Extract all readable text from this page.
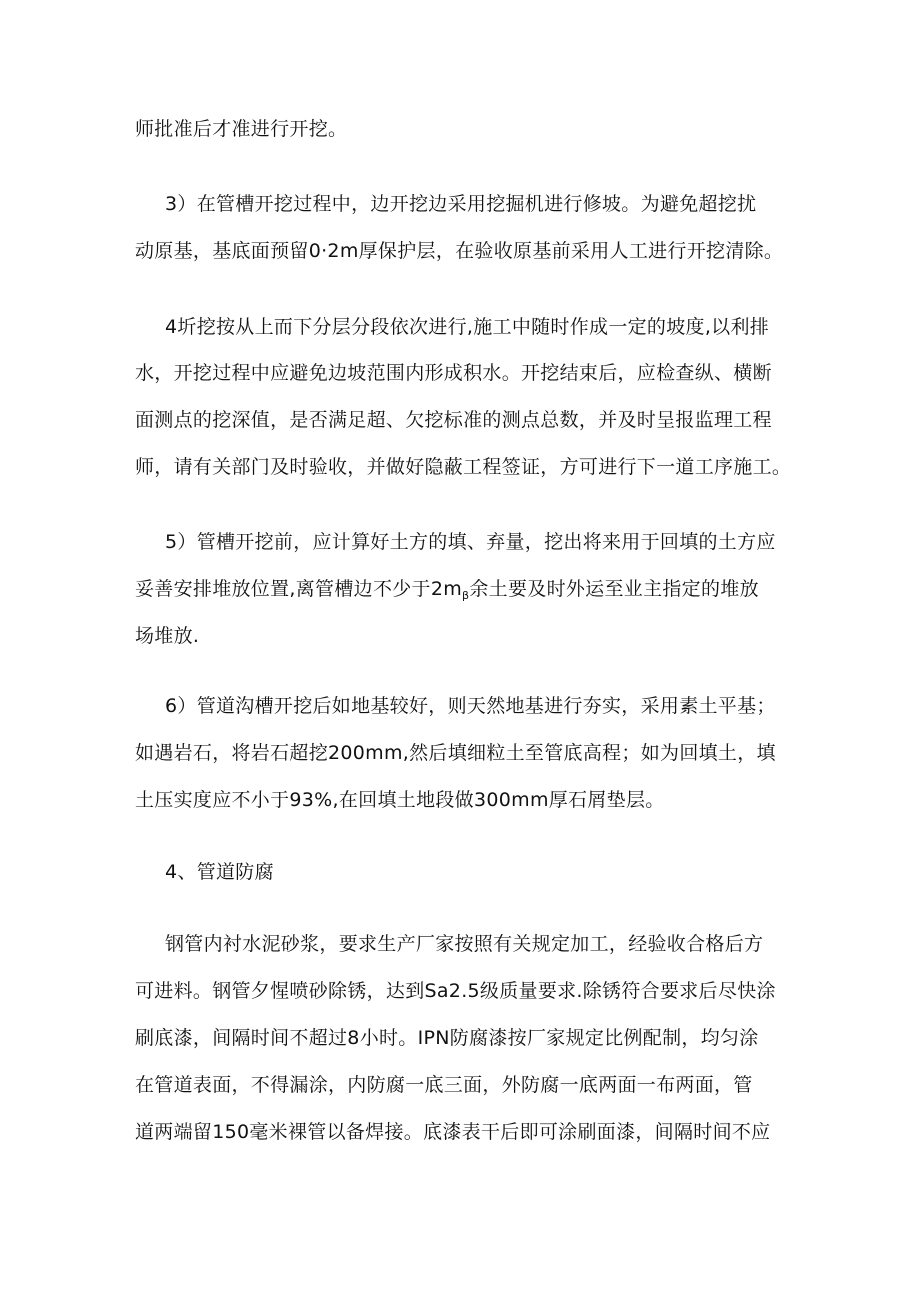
师批准后才准进行开挖。
3）在管槽开挖过程中，边开挖边采用挖掘机进行修坡。为避免超挖扰
动原基，基底面预留0·2m厚保护层，在验收原基前采用人工进行开挖清除。
4圻挖按从上而下分层分段依次进行,施工中随时作成一定的坡度,以利排
水，开挖过程中应避免边坡范围内形成积水。开挖结束后，应检查纵、横断
面测点的挖深值，是否满足超、欠挖标准的测点总数，并及时呈报监理工程
师，请有关部门及时验收，并做好隐蔽工程签证，方可进行下一道工序施工。
5）管槽开挖前，应计算好土方的填、弃量，挖出将来用于回填的土方应
妥善安排堆放位置,离管槽边不少于$2m_\beta$余土要及时外运至业主指定的堆放
场堆放.
6）管道沟槽开挖后如地基较好，则天然地基进行夯实，采用素土平基；
如遇岩石，将岩石超挖200mm,然后填细粒土至管底高程；如为回填土，填
土压实度应不小于93%,在回填土地段做300mm厚石屑垫层。
4、管道防腐
钢管内衬水泥砂浆，要求生产厂家按照有关规定加工，经验收合格后方
可进料。钢管夕惺喷砂除锈，达到Sa2.5级质量要求.除锈符合要求后尽快涂
刷底漆，间隔时间不超过8小时。IPN防腐漆按厂家规定比例配制，均匀涂
在管道表面，不得漏涂，内防腐一底三面，外防腐一底两面一布两面，管
道两端留150毫米裸管以备焊接。底漆表干后即可涂刷面漆，间隔时间不应
